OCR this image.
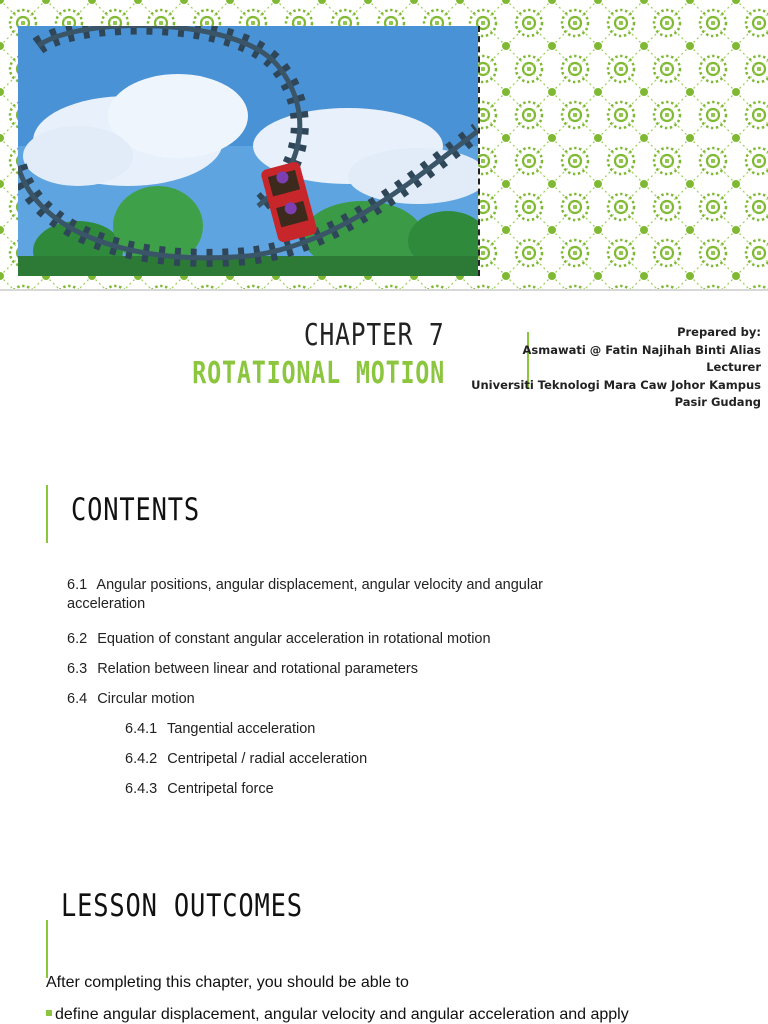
CHAPTER 7
ROTATIONAL MOTION
Prepared by:
Asmawati @ Fatin Najihah Binti Alias
Lecturer
Universiti Teknologi Mara Caw Johor Kampus
Pasir Gudang
CONTENTS
6.1 Angular positions, angular displacement, angular velocity and angular
acceleration
6.2 Equation of constant angular acceleration in rotational motion
6.3 Relation between linear and rotational parameters
6.4 Circular motion
6.4.1 Tangential acceleration
6.4.2 Centripetal / radial acceleration
6.4.3 Centripetal force
LESSON OUTCOMES
After completing this chapter, you should be able to
define angular displacement, angular velocity and angular acceleration and apply
